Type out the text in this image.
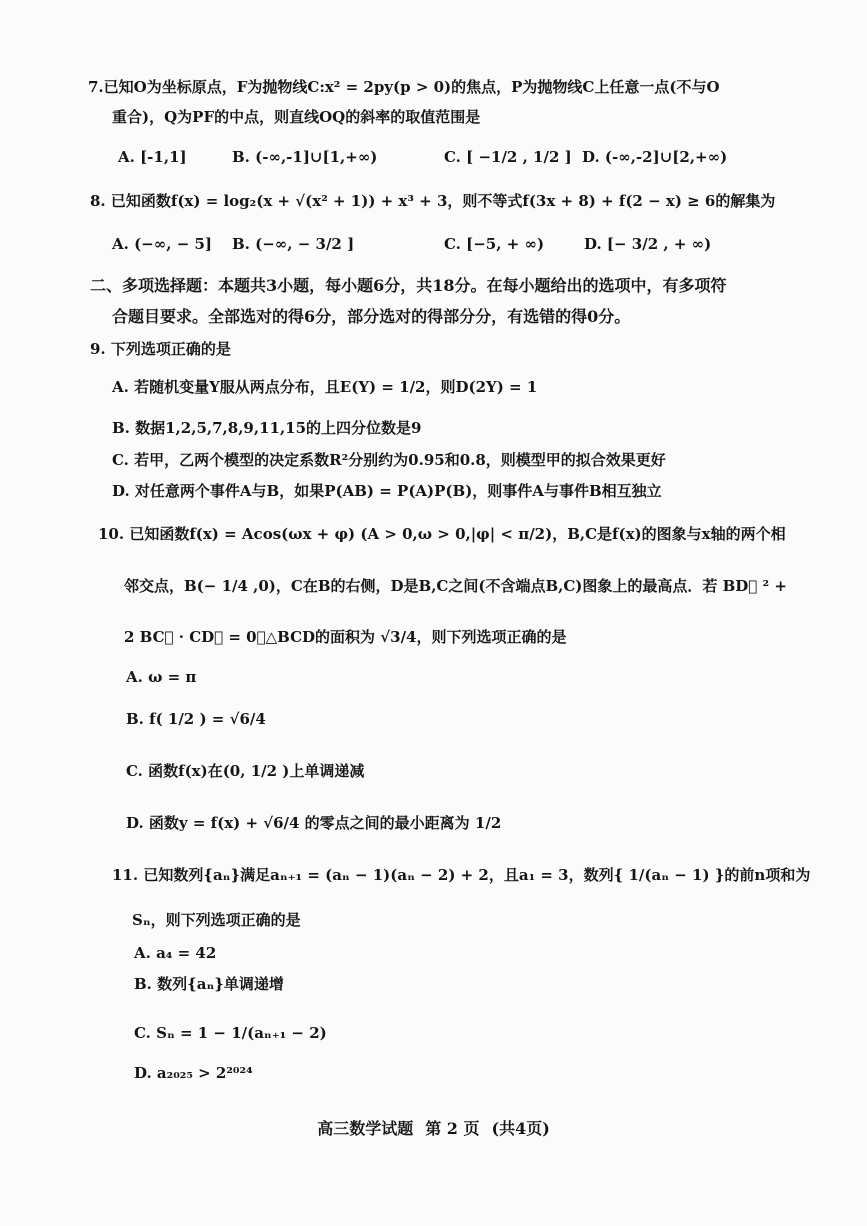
7.已知O为坐标原点，F为抛物线C:x² = 2py(p > 0)的焦点，P为抛物线C上任意一点(不与O
重合)，Q为PF的中点，则直线OQ的斜率的取值范围是
A. [-1,1]	B. (-∞,-1]∪[1,+∞)	C. [ −1/2 , 1/2 ] D. (-∞,-2]∪[2,+∞)
8. 已知函数f(x) = log₂(x + √(x² + 1)) + x³ + 3，则不等式f(3x + 8) + f(2 − x) ≥ 6的解集为
A. (−∞, − 5] B. (−∞, − 3/2 ]	C. [−5, + ∞)	D. [− 3/2 , + ∞)
二、多项选择题：本题共3小题，每小题6分，共18分。在每小题给出的选项中，有多项符
合题目要求。全部选对的得6分，部分选对的得部分分，有选错的得0分。
9. 下列选项正确的是
A. 若随机变量Y服从两点分布，且E(Y) = 1/2，则D(2Y) = 1
B. 数据1,2,5,7,8,9,11,15的上四分位数是9
C. 若甲，乙两个模型的决定系数R²分别约为0.95和0.8，则模型甲的拟合效果更好
D. 对任意两个事件A与B，如果P(AB) = P(A)P(B)，则事件A与事件B相互独立
10. 已知函数f(x) = Acos(ωx + φ) (A > 0,ω > 0,|φ| < π/2)，B,C是f(x)的图象与x轴的两个相
邻交点，B(− 1/4 ,0)，C在B的右侧，D是B,C之间(不含端点B,C)图象上的最高点．若 BD⃗ ² +
2 BC⃗ · CD⃗ = 0，△BCD的面积为 √3/4，则下列选项正确的是
A. ω = π
B. f( 1/2 ) = √6/4
C. 函数f(x)在(0, 1/2 )上单调递减
D. 函数y = f(x) + √6/4 的零点之间的最小距离为 1/2
11. 已知数列{aₙ}满足aₙ₊₁ = (aₙ − 1)(aₙ − 2) + 2，且a₁ = 3，数列{ 1/(aₙ − 1) }的前n项和为
Sₙ，则下列选项正确的是
A. a₄ = 42
B. 数列{aₙ}单调递增
C. Sₙ = 1 − 1/(aₙ₊₁ − 2)
D. a₂₀₂₅ > 2²⁰²⁴
高三数学试题 第 2 页 (共4页)
